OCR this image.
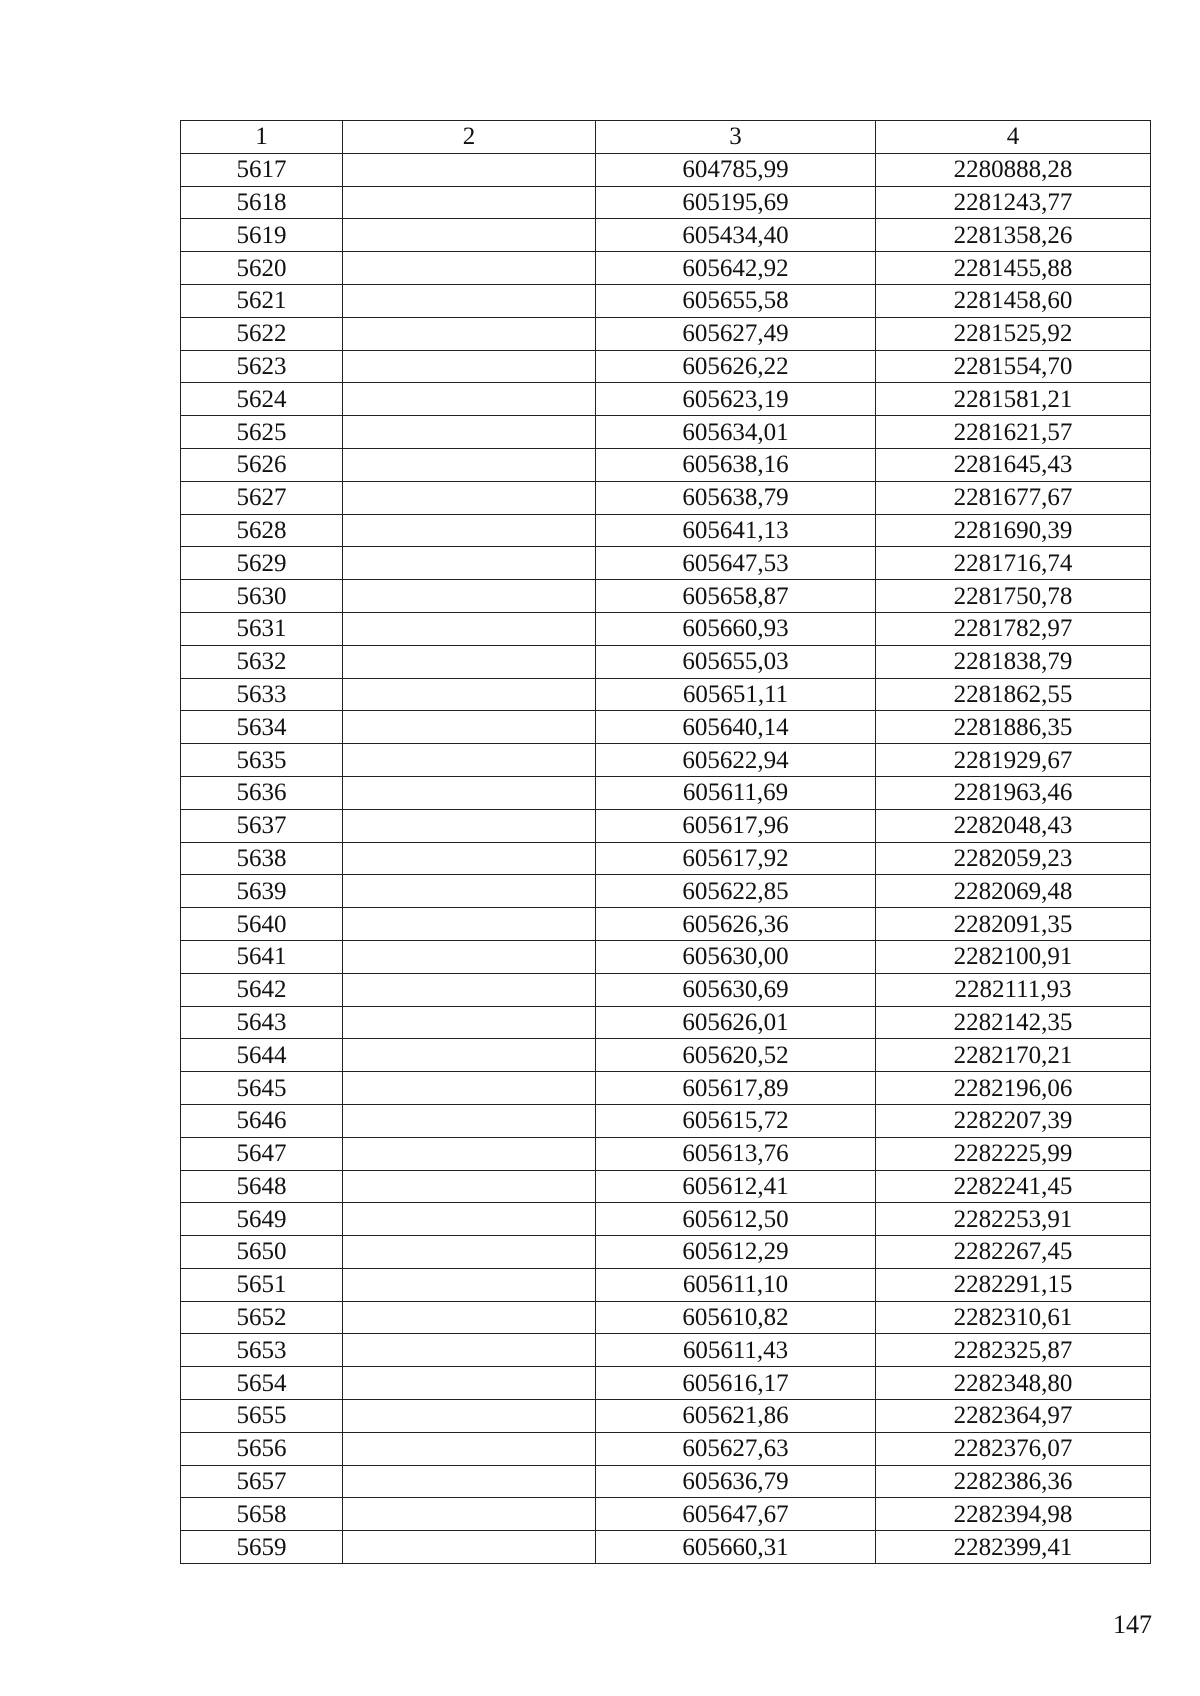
1	2	3	4
5617		604785,99	2280888,28
5618		605195,69	2281243,77
5619		605434,40	2281358,26
5620		605642,92	2281455,88
5621		605655,58	2281458,60
5622		605627,49	2281525,92
5623		605626,22	2281554,70
5624		605623,19	2281581,21
5625		605634,01	2281621,57
5626		605638,16	2281645,43
5627		605638,79	2281677,67
5628		605641,13	2281690,39
5629		605647,53	2281716,74
5630		605658,87	2281750,78
5631		605660,93	2281782,97
5632		605655,03	2281838,79
5633		605651,11	2281862,55
5634		605640,14	2281886,35
5635		605622,94	2281929,67
5636		605611,69	2281963,46
5637		605617,96	2282048,43
5638		605617,92	2282059,23
5639		605622,85	2282069,48
5640		605626,36	2282091,35
5641		605630,00	2282100,91
5642		605630,69	2282111,93
5643		605626,01	2282142,35
5644		605620,52	2282170,21
5645		605617,89	2282196,06
5646		605615,72	2282207,39
5647		605613,76	2282225,99
5648		605612,41	2282241,45
5649		605612,50	2282253,91
5650		605612,29	2282267,45
5651		605611,10	2282291,15
5652		605610,82	2282310,61
5653		605611,43	2282325,87
5654		605616,17	2282348,80
5655		605621,86	2282364,97
5656		605627,63	2282376,07
5657		605636,79	2282386,36
5658		605647,67	2282394,98
5659		605660,31	2282399,41
147
